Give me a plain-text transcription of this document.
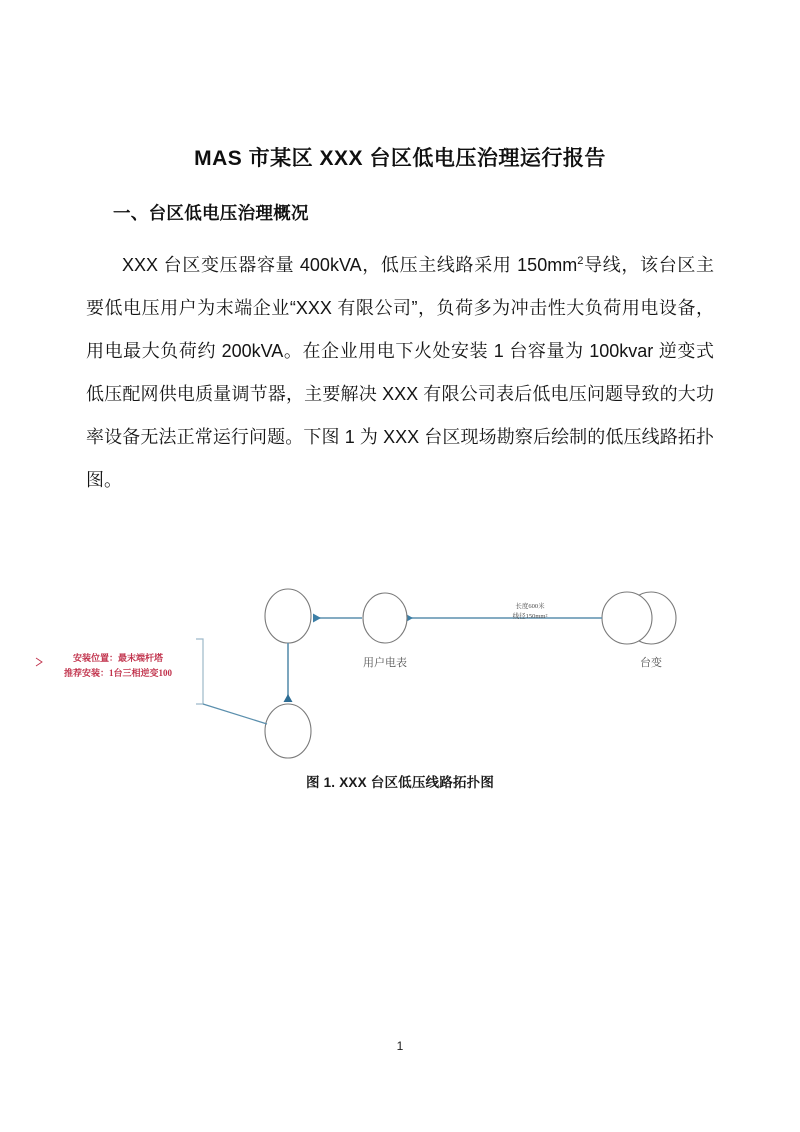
MAS 市某区 XXX 台区低电压治理运行报告
一、台区低电压治理概况
XXX 台区变压器容量 400kVA，低压主线路采用 $150mm^2$导线，该台区主要低电压用户为末端企业“XXX 有限公司”，负荷多为冲击性大负荷用电设备，用电最大负荷约 200kVA。在企业用电下火处安装 1 台容量为 100kvar 逆变式低压配网供电质量调节器，主要解决 XXX 有限公司表后低电压问题导致的大功率设备无法正常运行问题。下图 1 为 XXX 台区现场勘察后绘制的低压线路拓扑图。
台变
长度600米
线径150mm²
用户电表
安装位置：最末端杆塔
推荐安装：1台三相逆变100
图 1. XXX 台区低压线路拓扑图
1
